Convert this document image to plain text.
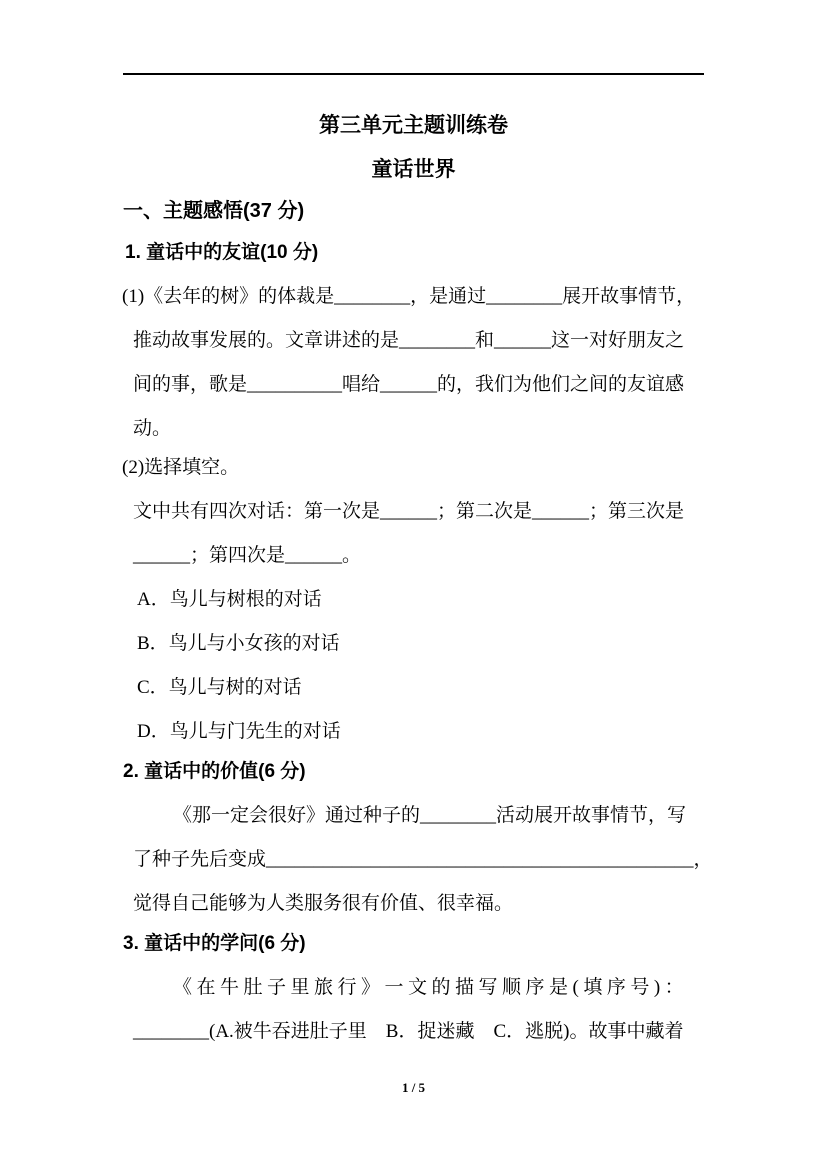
第三单元主题训练卷
童话世界
一、主题感悟(37 分)
1. 童话中的友谊(10 分)
(1)《去年的树》的体裁是________，是通过________展开故事情节，
推动故事发展的。文章讲述的是________和______这一对好朋友之
间的事，歌是__________唱给______的，我们为他们之间的友谊感
动。
(2)选择填空。
文中共有四次对话：第一次是______；第二次是______；第三次是
______；第四次是______。
A．鸟儿与树根的对话
B．鸟儿与小女孩的对话
C．鸟儿与树的对话
D．鸟儿与门先生的对话
2. 童话中的价值(6 分)
《那一定会很好》通过种子的________活动展开故事情节，写
了种子先后变成_____________________________________________，
觉得自己能够为人类服务很有价值、很幸福。
3. 童话中的学问(6 分)
《在牛肚子里旅行》一文的描写顺序是(填序号)：
________(A.被牛吞进肚子里　B．捉迷藏　C．逃脱)。故事中藏着
1 / 5
